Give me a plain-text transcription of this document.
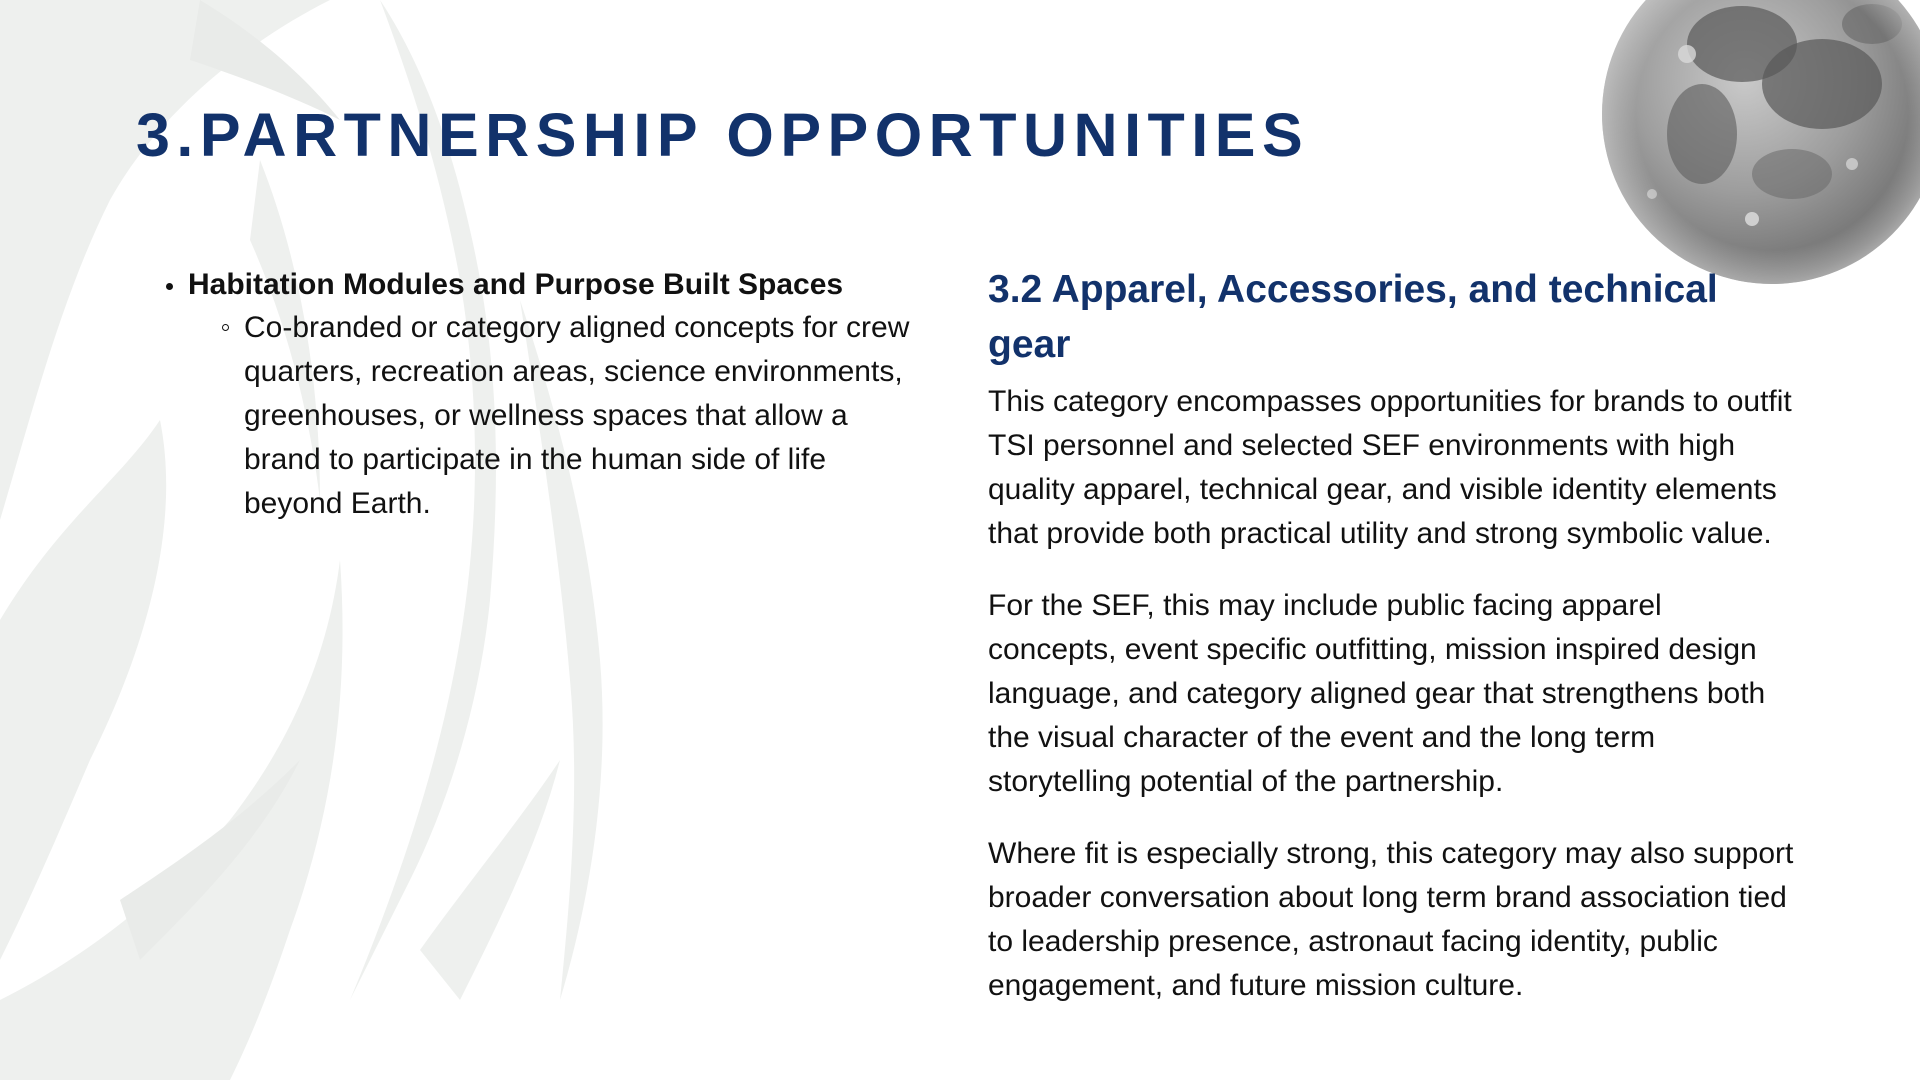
3.PARTNERSHIP OPPORTUNITIES
Habitation Modules and Purpose Built Spaces
Co-branded or category aligned concepts for crew
quarters, recreation areas, science environments,
greenhouses, or wellness spaces that allow a
brand to participate in the human side of life
beyond Earth.
3.2 Apparel, Accessories, and technical
gear

This category encompasses opportunities for brands to outfit
TSI personnel and selected SEF environments with high
quality apparel, technical gear, and visible identity elements
that provide both practical utility and strong symbolic value.

For the SEF, this may include public facing apparel
concepts, event specific outfitting, mission inspired design
language, and category aligned gear that strengthens both
the visual character of the event and the long term
storytelling potential of the partnership.

Where fit is especially strong, this category may also support
broader conversation about long term brand association tied
to leadership presence, astronaut facing identity, public
engagement, and future mission culture.
